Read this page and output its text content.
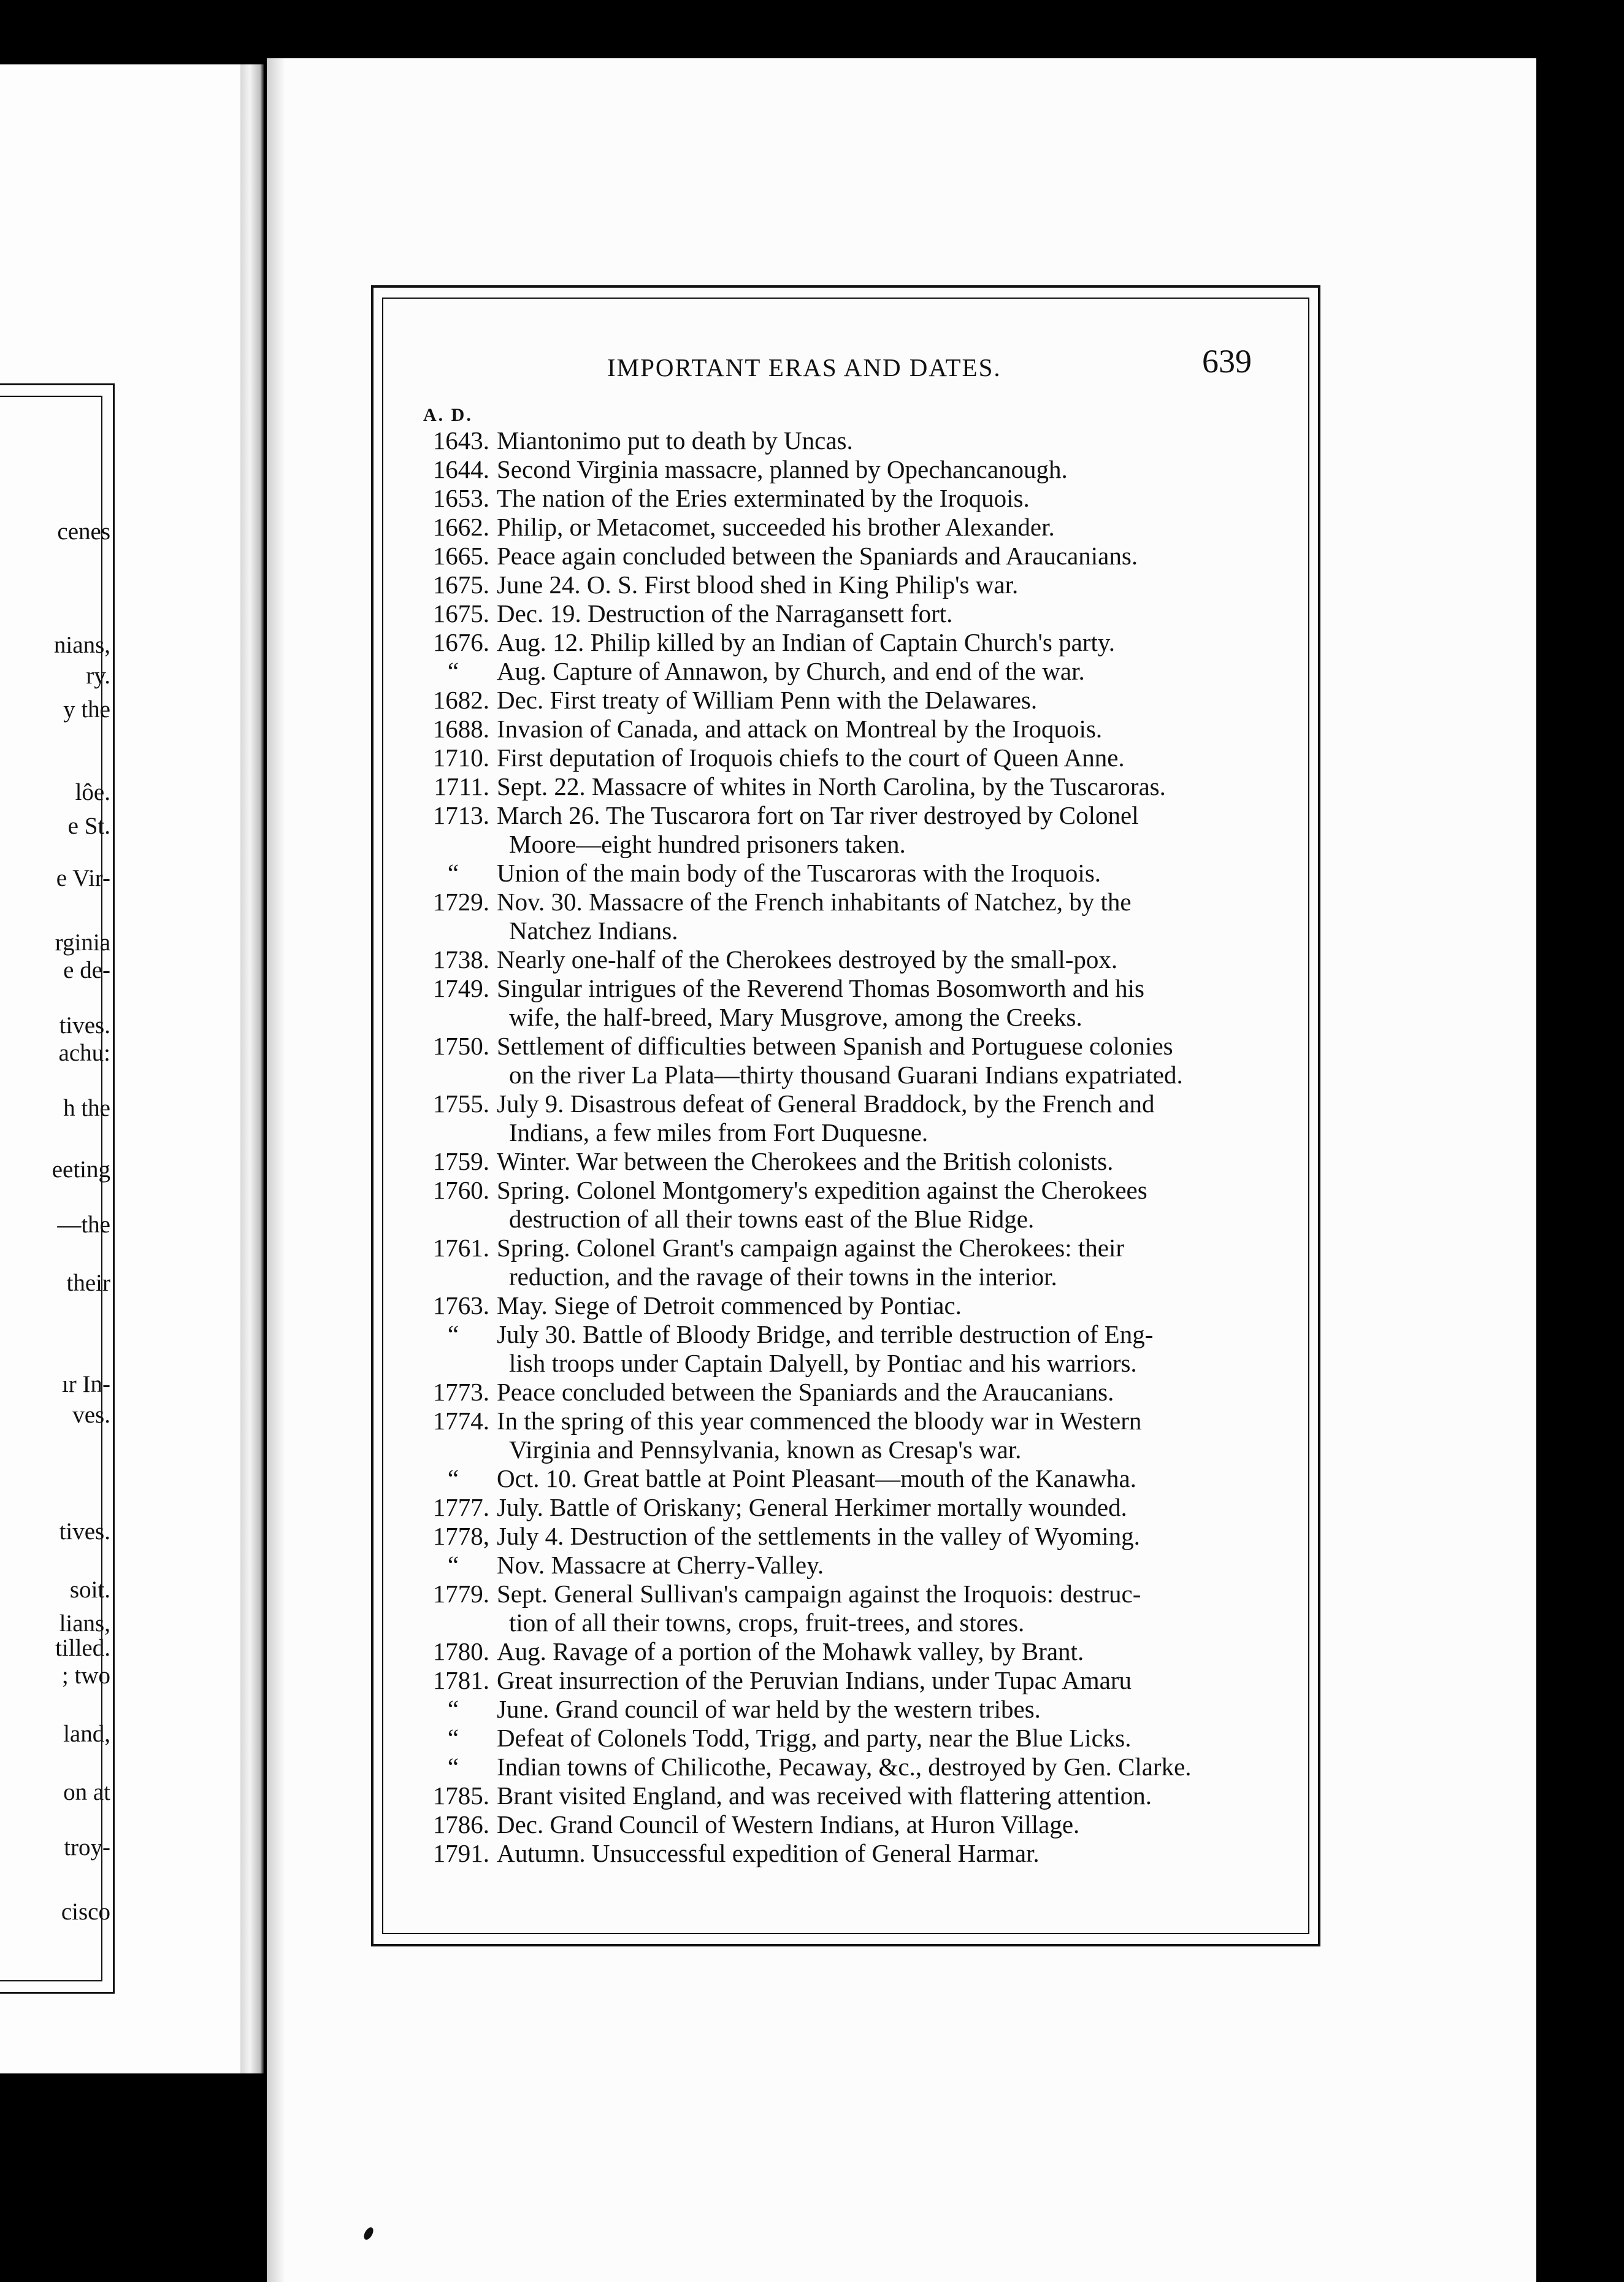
cenes
nians,
ry.
y the
lôe.
e St.
e Vir-
rginia
e de-
tives.
achu:
h the
eeting
—the
their
ır In-
ves.
tives.
soit.
lians,
tilled.
; two
land,
on at
troy-
cisco
IMPORTANT ERAS AND DATES.	639
A. D.
1643. Miantonimo put to death by Uncas.
1644. Second Virginia massacre, planned by Opechancanough.
1653. The nation of the Eries exterminated by the Iroquois.
1662. Philip, or Metacomet, succeeded his brother Alexander.
1665. Peace again concluded between the Spaniards and Araucanians.
1675. June 24. O. S. First blood shed in King Philip's war.
1675. Dec. 19. Destruction of the Narragansett fort.
1676. Aug. 12. Philip killed by an Indian of Captain Church's party.
“ Aug. Capture of Annawon, by Church, and end of the war.
1682. Dec. First treaty of William Penn with the Delawares.
1688. Invasion of Canada, and attack on Montreal by the Iroquois.
1710. First deputation of Iroquois chiefs to the court of Queen Anne.
1711. Sept. 22. Massacre of whites in North Carolina, by the Tuscaroras.
1713. March 26. The Tuscarora fort on Tar river destroyed by Colonel
Moore—eight hundred prisoners taken.
“ Union of the main body of the Tuscaroras with the Iroquois.
1729. Nov. 30. Massacre of the French inhabitants of Natchez, by the
Natchez Indians.
1738. Nearly one-half of the Cherokees destroyed by the small-pox.
1749. Singular intrigues of the Reverend Thomas Bosomworth and his
wife, the half-breed, Mary Musgrove, among the Creeks.
1750. Settlement of difficulties between Spanish and Portuguese colonies
on the river La Plata—thirty thousand Guarani Indians expatriated.
1755. July 9. Disastrous defeat of General Braddock, by the French and
Indians, a few miles from Fort Duquesne.
1759. Winter. War between the Cherokees and the British colonists.
1760. Spring. Colonel Montgomery's expedition against the Cherokees
destruction of all their towns east of the Blue Ridge.
1761. Spring. Colonel Grant's campaign against the Cherokees: their
reduction, and the ravage of their towns in the interior.
1763. May. Siege of Detroit commenced by Pontiac.
“ July 30. Battle of Bloody Bridge, and terrible destruction of Eng-
lish troops under Captain Dalyell, by Pontiac and his warriors.
1773. Peace concluded between the Spaniards and the Araucanians.
1774. In the spring of this year commenced the bloody war in Western
Virginia and Pennsylvania, known as Cresap's war.
“ Oct. 10. Great battle at Point Pleasant—mouth of the Kanawha.
1777. July. Battle of Oriskany; General Herkimer mortally wounded.
1778, July 4. Destruction of the settlements in the valley of Wyoming.
“ Nov. Massacre at Cherry-Valley.
1779. Sept. General Sullivan's campaign against the Iroquois: destruc-
tion of all their towns, crops, fruit-trees, and stores.
1780. Aug. Ravage of a portion of the Mohawk valley, by Brant.
1781. Great insurrection of the Peruvian Indians, under Tupac Amaru
“ June. Grand council of war held by the western tribes.
“ Defeat of Colonels Todd, Trigg, and party, near the Blue Licks.
“ Indian towns of Chilicothe, Pecaway, &c., destroyed by Gen. Clarke.
1785. Brant visited England, and was received with flattering attention.
1786. Dec. Grand Council of Western Indians, at Huron Village.
1791. Autumn. Unsuccessful expedition of General Harmar.
